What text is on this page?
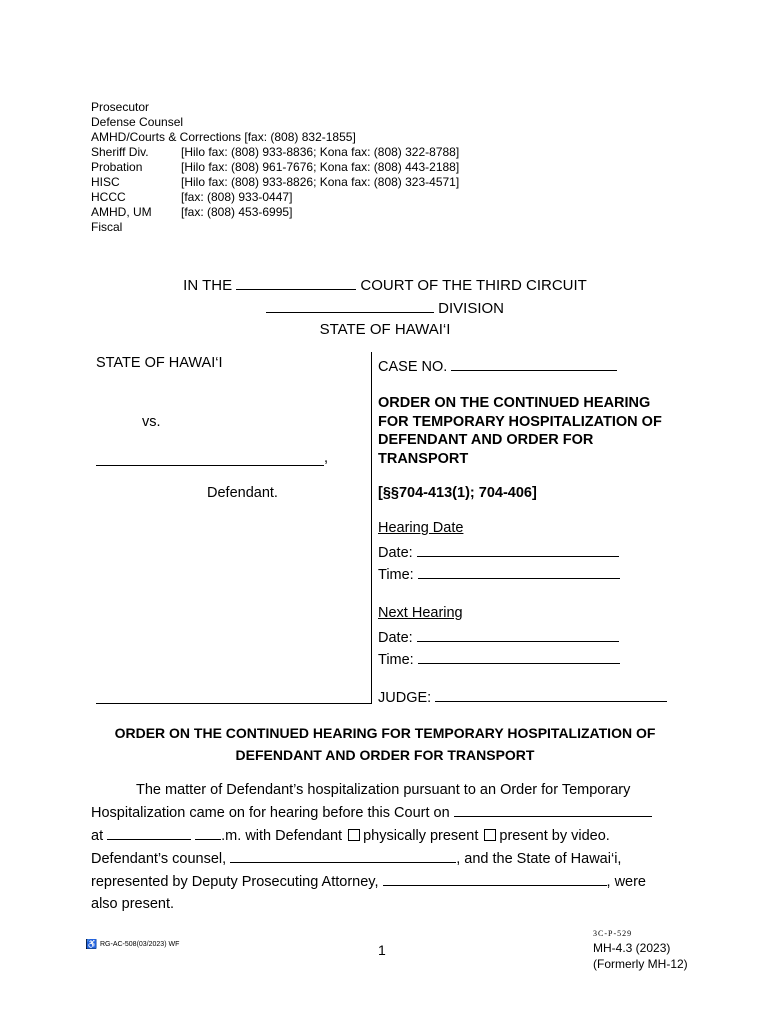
Prosecutor
Defense Counsel
AMHD/Courts & Corrections [fax: (808) 832-1855]
Sheriff Div.	[Hilo fax: (808) 933-8836; Kona fax: (808) 322-8788]
Probation	[Hilo fax: (808) 961-7676; Kona fax: (808) 443-2188]
HISC	[Hilo fax: (808) 933-8826; Kona fax: (808) 323-4571]
HCCC	[fax: (808) 933-0447]
AMHD, UM	[fax: (808) 453-6995]
Fiscal
IN THE	COURT OF THE THIRD CIRCUIT
DIVISION
STATE OF HAWAI‘I
STATE OF HAWAI‘I
vs.
,
Defendant.
CASE NO.
ORDER ON THE CONTINUED HEARING
FOR TEMPORARY HOSPITALIZATION OF
DEFENDANT AND ORDER FOR
TRANSPORT
[§§704-413(1); 704-406]
Hearing Date
Date:
Time:
Next Hearing
Date:
Time:
JUDGE:
ORDER ON THE CONTINUED HEARING FOR TEMPORARY HOSPITALIZATION OF
DEFENDANT AND ORDER FOR TRANSPORT

The matter of Defendant’s hospitalization pursuant to an Order for Temporary

Hospitalization came on for hearing before this Court on

at	.m. with Defendant physically present present by video.

Defendant’s counsel,	, and the State of Hawai‘i,

represented by Deputy Prosecuting Attorney,	, were

also present.

♿ RG-AC-508(03/2023) WF	1
3C-P-529
MH-4.3 (2023)
(Formerly MH-12)
